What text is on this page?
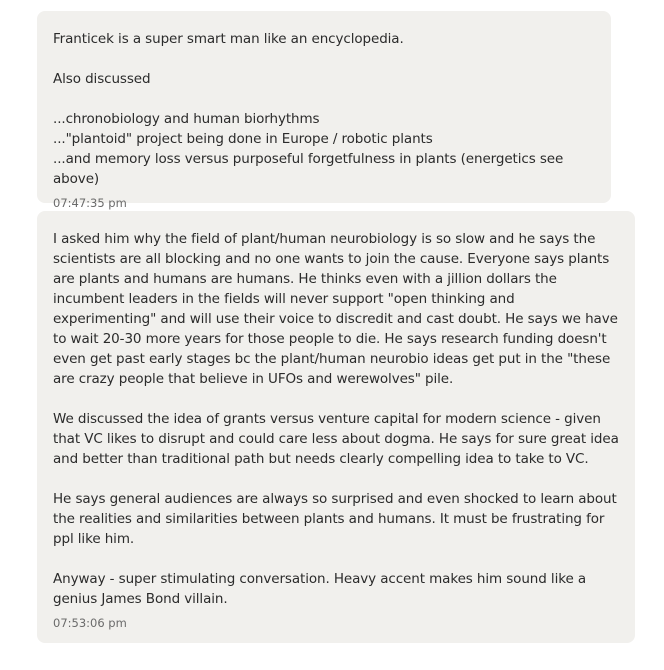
Franticek is a super smart man like an encyclopedia.

Also discussed

...chronobiology and human biorhythms
..."plantoid" project being done in Europe / robotic plants
...and memory loss versus purposeful forgetfulness in plants (energetics see above)
07:47:35 pm

I asked him why the field of plant/human neurobiology is so slow and he says the scientists are all blocking and no one wants to join the cause. Everyone says plants are plants and humans are humans. He thinks even with a jillion dollars the incumbent leaders in the fields will never support "open thinking and experimenting" and will use their voice to discredit and cast doubt. He says we have to wait 20-30 more years for those people to die. He says research funding doesn't even get past early stages bc the plant/human neurobio ideas get put in the "these are crazy people that believe in UFOs and werewolves" pile.

We discussed the idea of grants versus venture capital for modern science - given that VC likes to disrupt and could care less about dogma. He says for sure great idea and better than traditional path but needs clearly compelling idea to take to VC.

He says general audiences are always so surprised and even shocked to learn about the realities and similarities between plants and humans. It must be frustrating for ppl like him.

Anyway - super stimulating conversation. Heavy accent makes him sound like a genius James Bond villain.

07:53:06 pm
